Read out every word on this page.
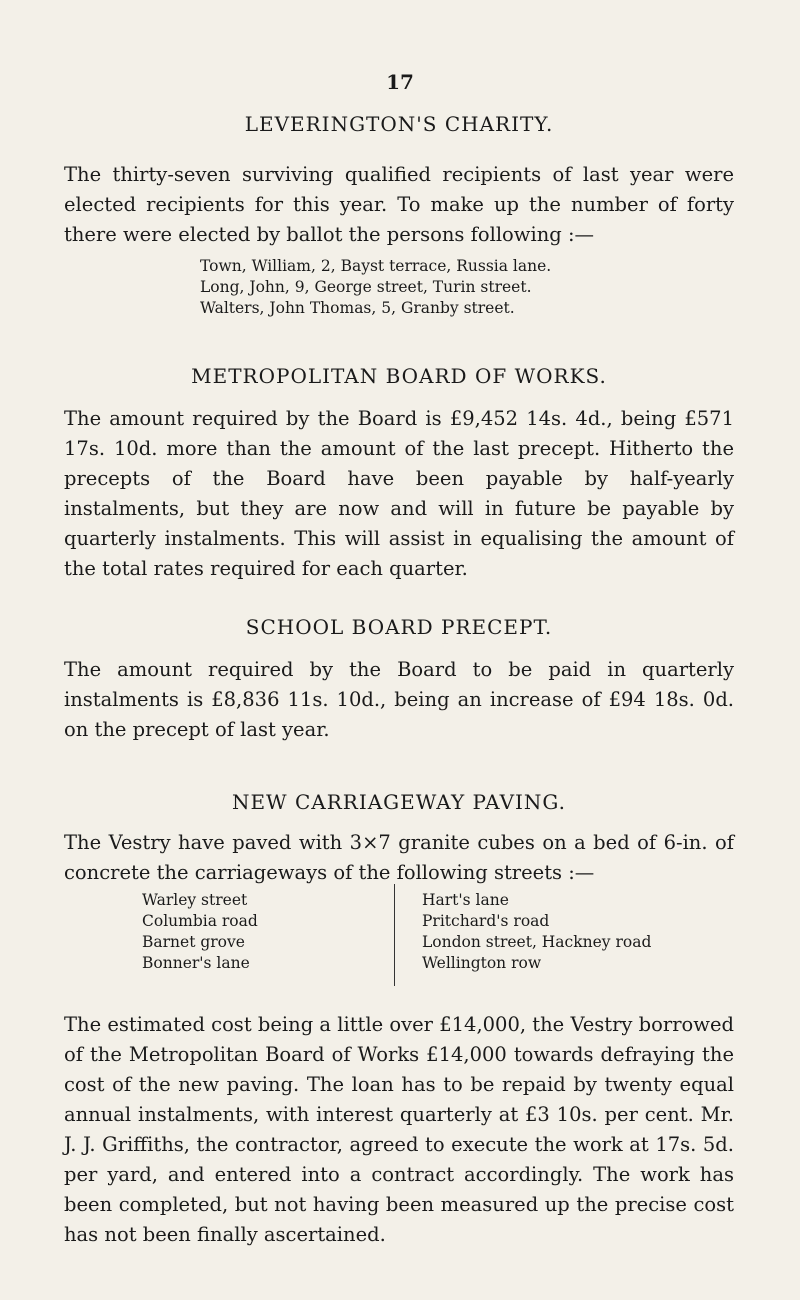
17
LEVERINGTON'S CHARITY.

The thirty-seven surviving qualified recipients of last year were elected recipients for this year. To make up the number of forty there were elected by ballot the persons following :—

Town, William, 2, Bayst terrace, Russia lane.
Long, John, 9, George street, Turin street.
Walters, John Thomas, 5, Granby street.
METROPOLITAN BOARD OF WORKS.

The amount required by the Board is £9,452 14s. 4d., being £571 17s. 10d. more than the amount of the last precept. Hitherto the precepts of the Board have been payable by half-yearly instalments, but they are now and will in future be payable by quarterly instalments. This will assist in equalising the amount of the total rates required for each quarter.

SCHOOL BOARD PRECEPT.

The amount required by the Board to be paid in quarterly instalments is £8,836 11s. 10d., being an increase of £94 18s. 0d. on the precept of last year.

NEW CARRIAGEWAY PAVING.

The Vestry have paved with 3×7 granite cubes on a bed of 6-in. of concrete the carriageways of the following streets :—

Warley street
Columbia road
Barnet grove
Bonner's lane
Hart's lane
Pritchard's road
London street, Hackney road
Wellington row

The estimated cost being a little over £14,000, the Vestry borrowed of the Metropolitan Board of Works £14,000 towards defraying the cost of the new paving. The loan has to be repaid by twenty equal annual instalments, with interest quarterly at £3 10s. per cent. Mr. J. J. Griffiths, the contractor, agreed to execute the work at 17s. 5d. per yard, and entered into a contract accordingly. The work has been completed, but not having been measured up the precise cost has not been finally ascertained.
